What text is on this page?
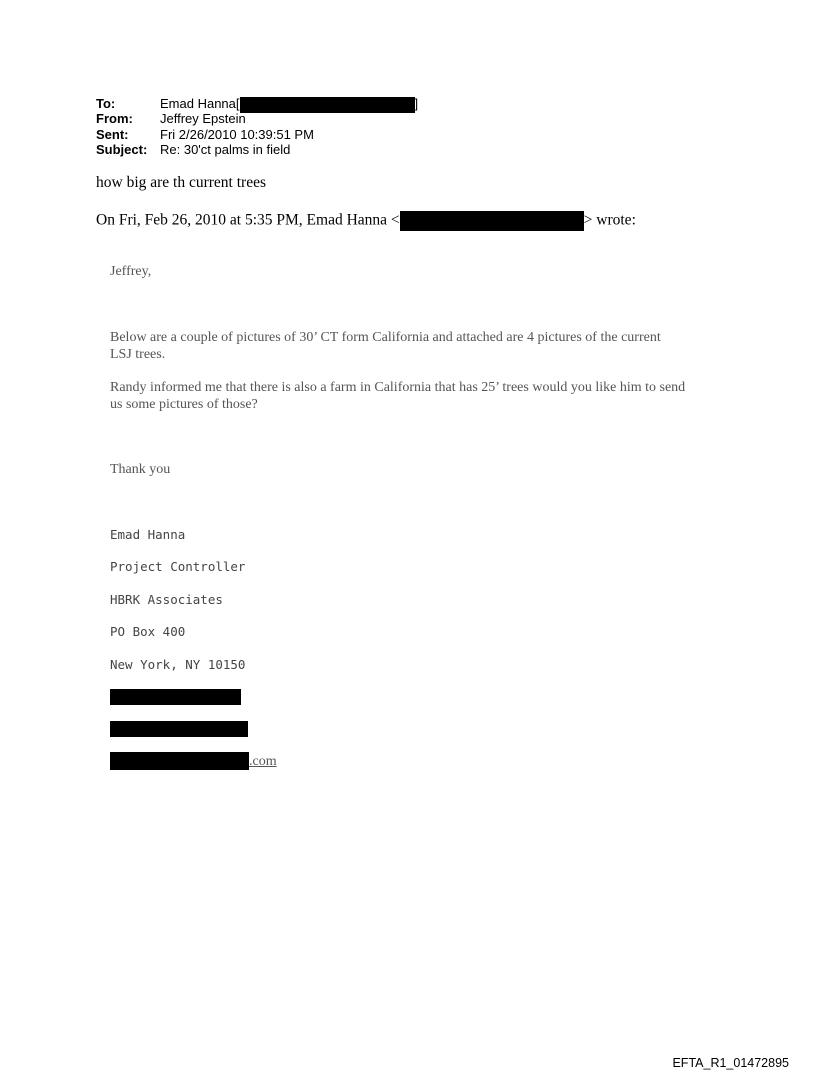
To:	Emad Hanna[	]
From: Jeffrey Epstein
Sent: Fri 2/26/2010 10:39:51 PM
Subject: Re: 30'ct palms in field
how big are th current trees
On Fri, Feb 26, 2010 at 5:35 PM, Emad Hanna <	> wrote:
Jeffrey,
Below are a couple of pictures of 30’ CT form California and attached are 4 pictures of the current
LSJ trees.
Randy informed me that there is also a farm in California that has 25’ trees would you like him to send
us some pictures of those?
Thank you
Emad Hanna
Project Controller
HBRK Associates
PO Box 400
New York, NY 10150
.com
EFTA_R1_01472895
